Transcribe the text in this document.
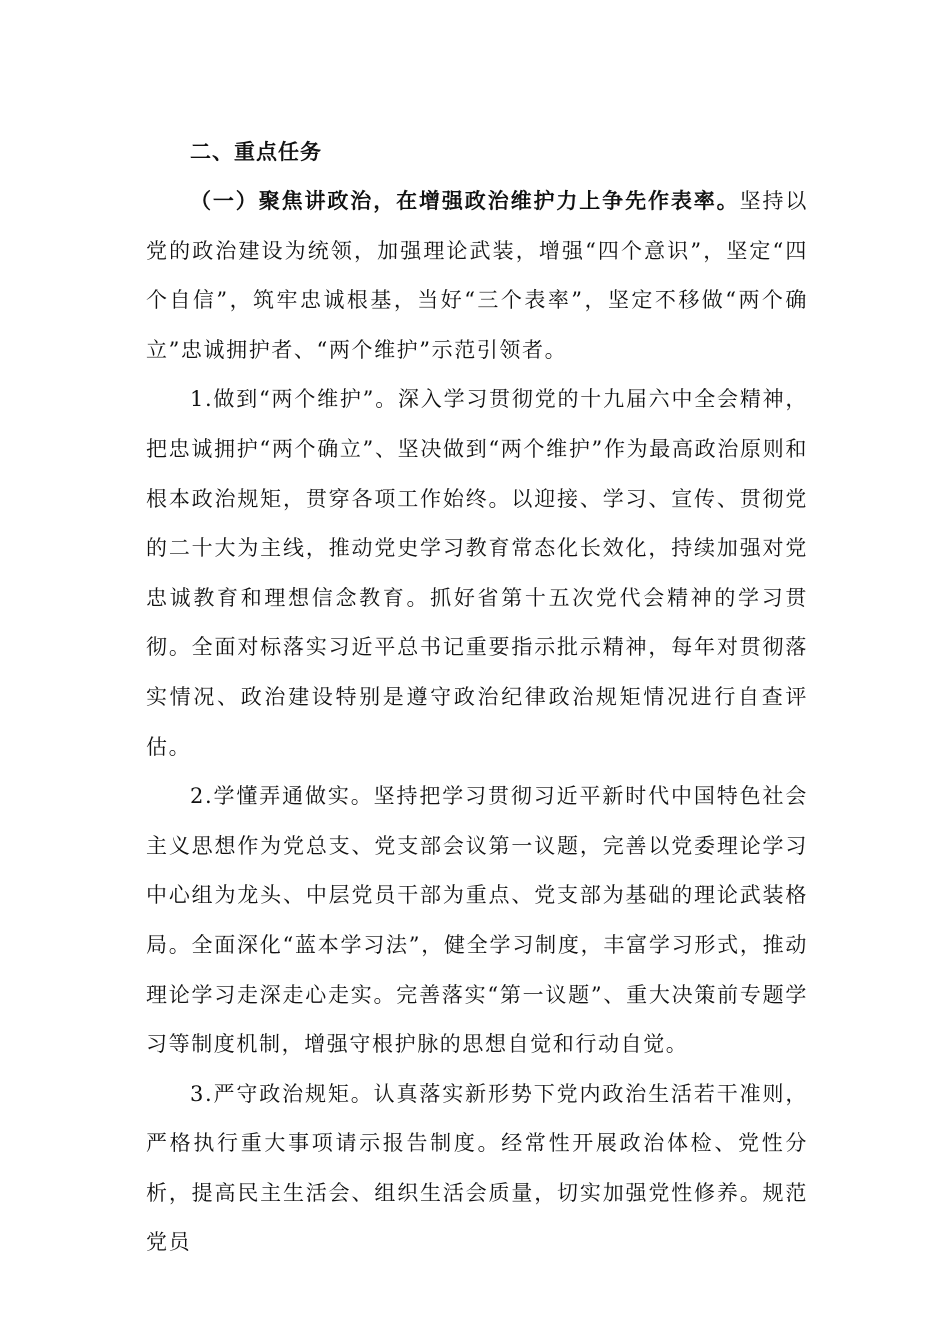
二、重点任务

（一）聚焦讲政治，在增强政治维护力上争先作表率。坚持以党的政治建设为统领，加强理论武装，增强“四个意识”，坚定“四个自信”，筑牢忠诚根基，当好“三个表率”，坚定不移做“两个确立”忠诚拥护者、“两个维护”示范引领者。

1.做到“两个维护”。深入学习贯彻党的十九届六中全会精神，把忠诚拥护“两个确立”、坚决做到“两个维护”作为最高政治原则和根本政治规矩，贯穿各项工作始终。以迎接、学习、宣传、贯彻党的二十大为主线，推动党史学习教育常态化长效化，持续加强对党忠诚教育和理想信念教育。抓好省第十五次党代会精神的学习贯彻。全面对标落实习近平总书记重要指示批示精神，每年对贯彻落实情况、政治建设特别是遵守政治纪律政治规矩情况进行自查评估。

2.学懂弄通做实。坚持把学习贯彻习近平新时代中国特色社会主义思想作为党总支、党支部会议第一议题，完善以党委理论学习中心组为龙头、中层党员干部为重点、党支部为基础的理论武装格局。全面深化“蓝本学习法”，健全学习制度，丰富学习形式，推动理论学习走深走心走实。完善落实“第一议题”、重大决策前专题学习等制度机制，增强守根护脉的思想自觉和行动自觉。

3.严守政治规矩。认真落实新形势下党内政治生活若干准则，严格执行重大事项请示报告制度。经常性开展政治体检、党性分析，提高民主生活会、组织生活会质量，切实加强党性修养。规范党员
